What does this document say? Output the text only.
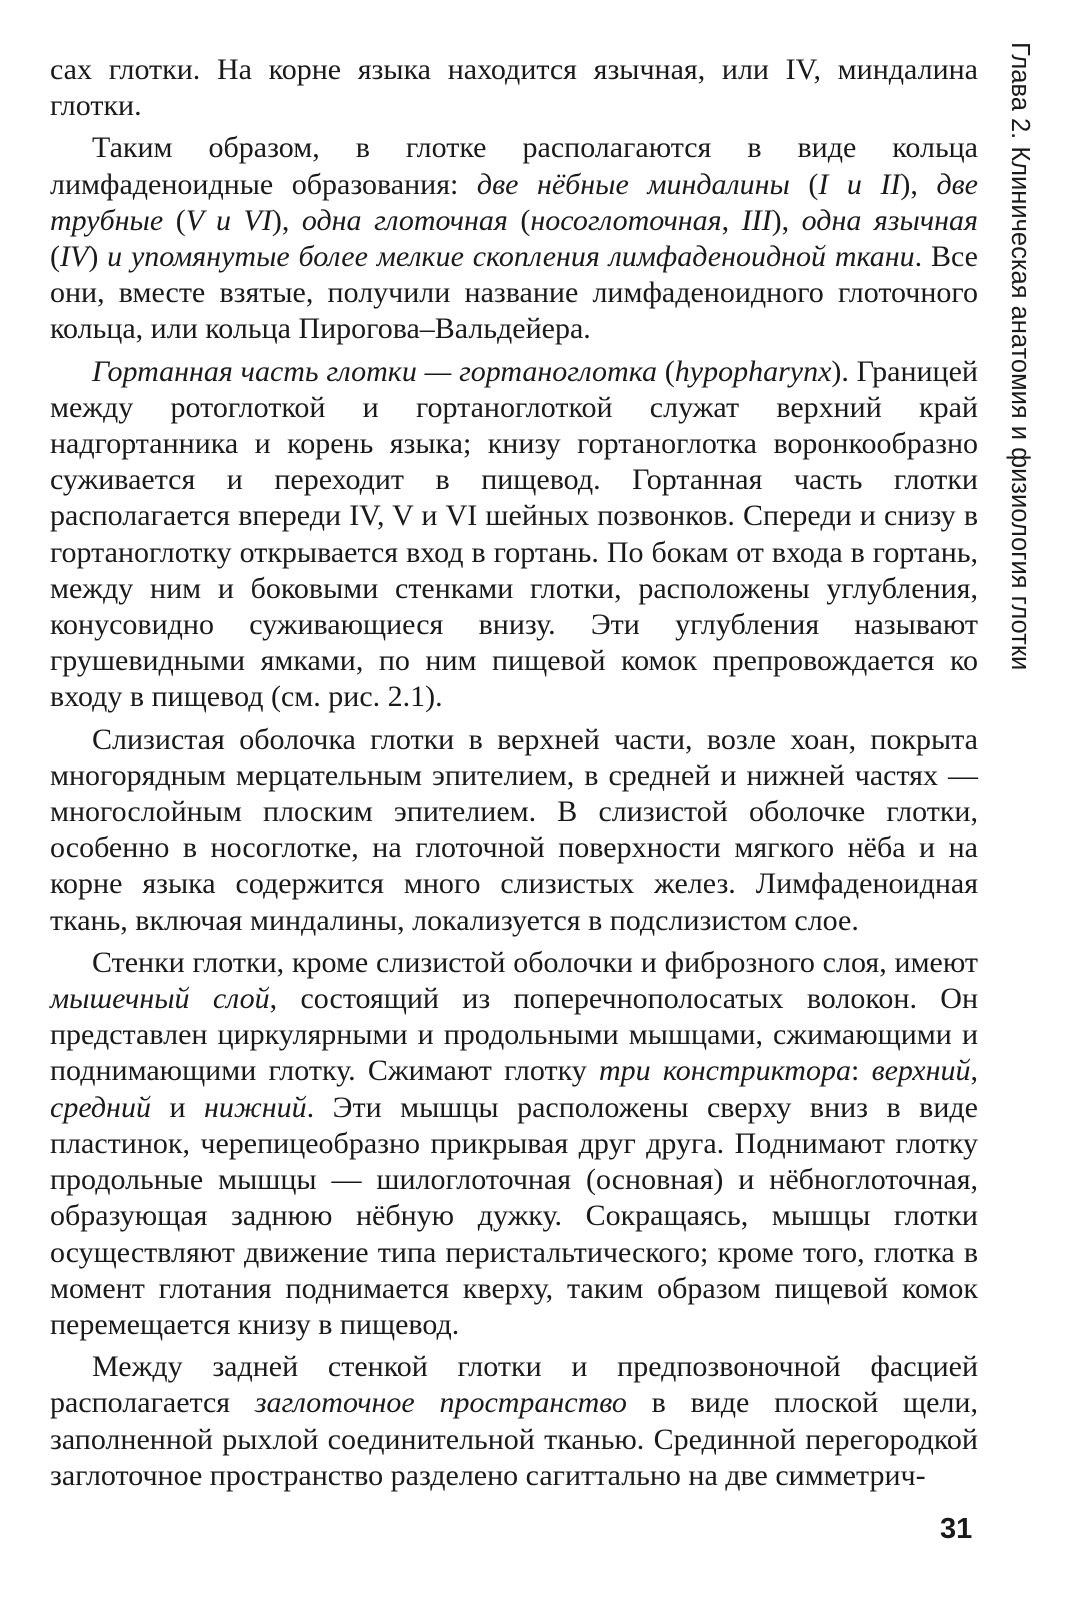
Глава 2. Клиническая анатомия и физиология глотки

сах глотки. На корне языка находится язычная, или IV, миндалина глотки.

Таким образом, в глотке располагаются в виде кольца лимфаденоидные образования: две нёбные миндалины (I и II), две трубные (V и VI), одна глоточная (носоглоточная, III), одна язычная (IV) и упомянутые более мелкие скопления лимфаденоидной ткани. Все они, вместе взятые, получили название лимфаденоидного глоточного кольца, или кольца Пирогова–Вальдейера.

Гортанная часть глотки — гортаноглотка (hypopharynx). Границей между ротоглоткой и гортаноглоткой служат верхний край надгортанника и корень языка; книзу гортаноглотка воронкообразно суживается и переходит в пищевод. Гортанная часть глотки располагается впереди IV, V и VI шейных позвонков. Спереди и снизу в гортаноглотку открывается вход в гортань. По бокам от входа в гортань, между ним и боковыми стенками глотки, расположены углубления, конусовидно суживающиеся внизу. Эти углубления называют грушевидными ямками, по ним пищевой комок препровождается ко входу в пищевод (см. рис. 2.1).

Слизистая оболочка глотки в верхней части, возле хоан, покрыта многорядным мерцательным эпителием, в средней и нижней частях — многослойным плоским эпителием. В слизистой оболочке глотки, особенно в носоглотке, на глоточной поверхности мягкого нёба и на корне языка содержится много слизистых желез. Лимфаденоидная ткань, включая миндалины, локализуется в подслизистом слое.

Стенки глотки, кроме слизистой оболочки и фиброзного слоя, имеют мышечный слой, состоящий из поперечнополосатых волокон. Он представлен циркулярными и продольными мышцами, сжимающими и поднимающими глотку. Сжимают глотку три констриктора: верхний, средний и нижний. Эти мышцы расположены сверху вниз в виде пластинок, черепицеобразно прикрывая друг друга. Поднимают глотку продольные мышцы — шилоглоточная (основная) и нёбноглоточная, образующая заднюю нёбную дужку. Сокращаясь, мышцы глотки осуществляют движение типа перистальтического; кроме того, глотка в момент глотания поднимается кверху, таким образом пищевой комок перемещается книзу в пищевод.

Между задней стенкой глотки и предпозвоночной фасцией располагается заглоточное пространство в виде плоской щели, заполненной рыхлой соединительной тканью. Срединной перегородкой заглоточное пространство разделено сагиттально на две симметрич-

31
